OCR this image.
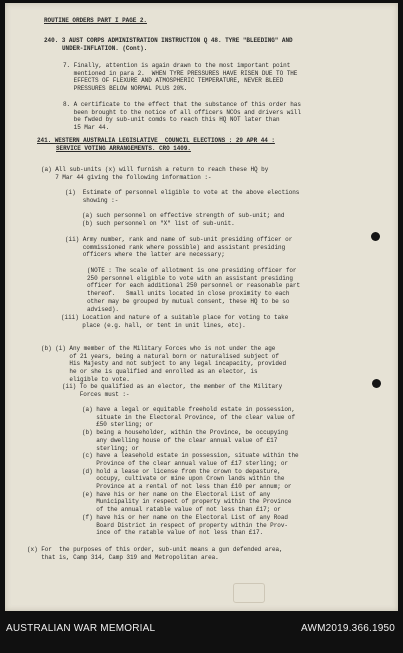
ROUTINE ORDERS PART I PAGE 2.
240. 3 AUST CORPS ADMINISTRATION INSTRUCTION Q 48. TYRE "BLEEDING" AND
UNDER-INFLATION. (Cont).
7. Finally, attention is again drawn to the most important point
mentioned in para 2.  WHEN TYRE PRESSURES HAVE RISEN DUE TO THE
EFFECTS OF FLEXURE AND ATMOSPHERIC TEMPERATURE, NEVER BLEED
PRESSURES BELOW NORMAL PLUS 20%.
8. A certificate to the effect that the substance of this order has
been brought to the notice of all officers NCOs and drivers will
be fwded by sub-unit comds to reach this HQ NOT later than
15 Mar 44.
241. WESTERN AUSTRALIA LEGISLATIVE  COUNCIL ELECTIONS : 29 APR 44 :
SERVICE VOTING ARRANGEMENTS. CRO 1409.
(a) All sub-units (x) will furnish a return to reach these HQ by
7 Mar 44 giving the following information :-
(i)  Estimate of personnel eligible to vote at the above elections
showing :-
(a) such personnel on effective strength of sub-unit; and
(b) such personnel on "X" list of sub-unit.
(ii) Army number, rank and name of sub-unit presiding officer or
commissioned rank where possible) and assistant presiding
officers where the latter are necessary;
(NOTE : The scale of allotment is one presiding officer for
250 personnel eligible to vote with an assistant presiding
officer for each additional 250 personnel or reasonable part
thereof.   Small units located in close proximity to each
other may be grouped by mutual consent, these HQ to be so
advised).
(iii) Location and nature of a suitable place for voting to take
place (e.g. hall, or tent in unit lines, etc).
(b) (i) Any member of the Military Forces who is not under the age
of 21 years, being a natural born or naturalised subject of
His Majesty and not subject to any legal incapacity, provided
he or she is qualified and enrolled as an elector, is
eligible to vote.
(ii) To be qualified as an elector, the member of the Military
Forces must :-
(a) have a legal or equitable freehold estate in possession,
situate in the Electoral Province, of the clear value of
£50 sterling; or
(b) being a householder, within the Province, be occupying
any dwelling house of the clear annual value of £17
sterling; or
(c) have a leasehold estate in possession, situate within the
Province of the clear annual value of £17 sterling; or
(d) hold a lease or license from the crown to depasture,
occupy, cultivate or mine upon Crown lands within the
Province at a rental of not less than £10 per annum; or
(e) have his or her name on the Electoral List of any
Municipality in respect of property within the Province
of the annual ratable value of not less than £17; or
(f) have his or her name on the Electoral List of any Road
Board District in respect of property within the Prov-
ince of the ratable value of not less than £17.
(x) For  the purposes of this order, sub-unit means a gun defended area,
that is, Camp 314, Camp 319 and Metropolitan area.
AUSTRALIAN WAR MEMORIAL	AWM2019.366.1950
